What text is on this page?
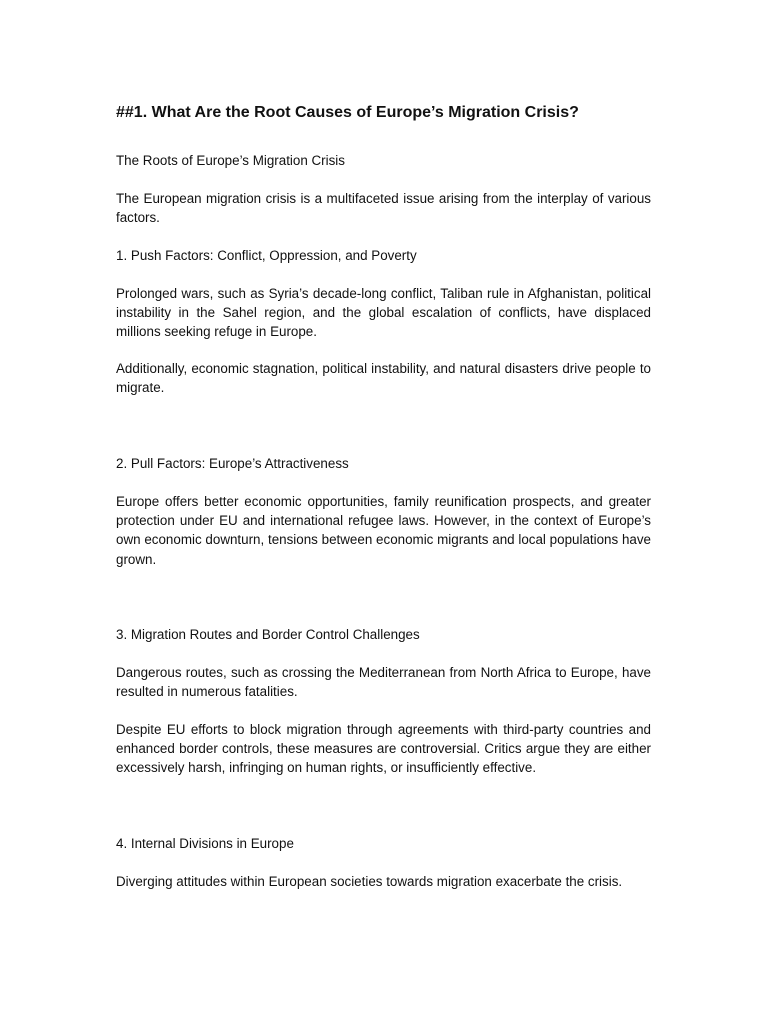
##1. What Are the Root Causes of Europe’s Migration Crisis?

The Roots of Europe’s Migration Crisis

The European migration crisis is a multifaceted issue arising from the interplay of various factors.

1. Push Factors: Conflict, Oppression, and Poverty

Prolonged wars, such as Syria’s decade-long conflict, Taliban rule in Afghanistan, political instability in the Sahel region, and the global escalation of conflicts, have displaced millions seeking refuge in Europe.

Additionally, economic stagnation, political instability, and natural disasters drive people to migrate.

2. Pull Factors: Europe’s Attractiveness

Europe offers better economic opportunities, family reunification prospects, and greater protection under EU and international refugee laws. However, in the context of Europe’s own economic downturn, tensions between economic migrants and local populations have grown.

3. Migration Routes and Border Control Challenges

Dangerous routes, such as crossing the Mediterranean from North Africa to Europe, have resulted in numerous fatalities.

Despite EU efforts to block migration through agreements with third-party countries and enhanced border controls, these measures are controversial. Critics argue they are either excessively harsh, infringing on human rights, or insufficiently effective.

4. Internal Divisions in Europe

Diverging attitudes within European societies towards migration exacerbate the crisis.
